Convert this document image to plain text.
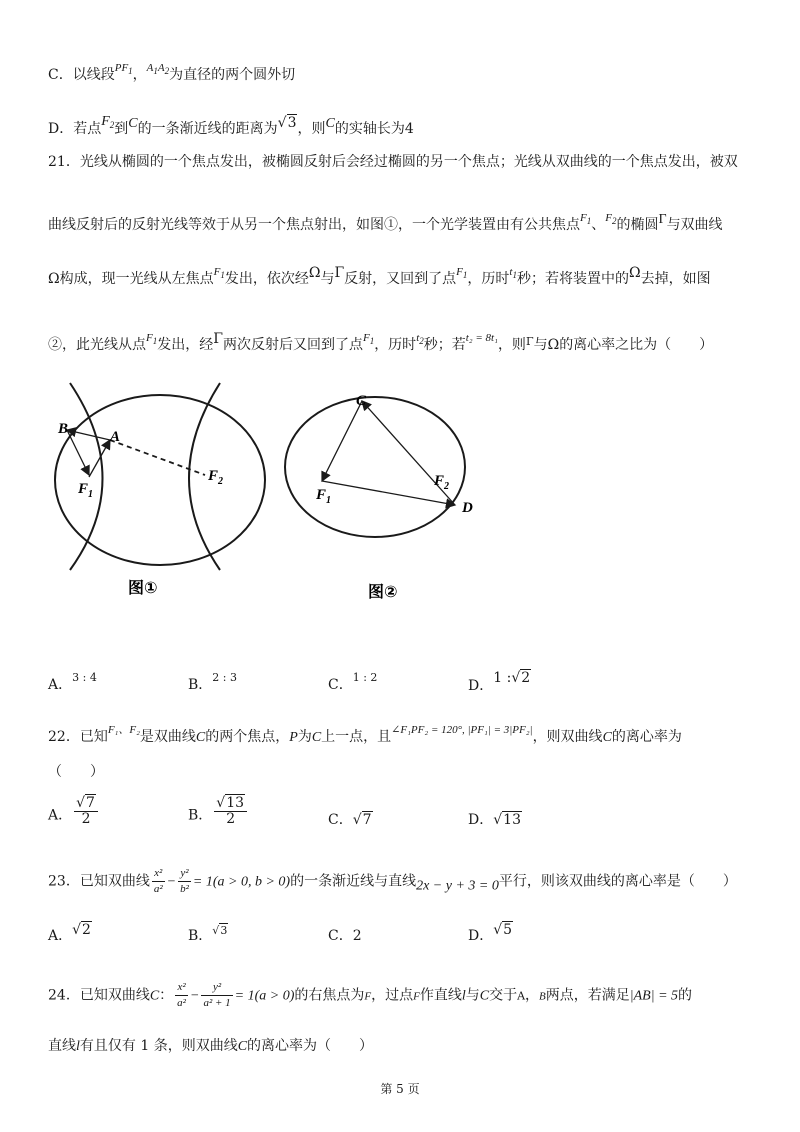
C．以线段$^{PF_1}$，$^{A_1A_2}$为直径的两个圆外切
D．若点$F_2$到C的一条渐近线的距离为√3，则C的实轴长为4
21．光线从椭圆的一个焦点发出，被椭圆反射后会经过椭圆的另一个焦点；光线从双曲线的一个焦点发出，被双
曲线反射后的反射光线等效于从另一个焦点射出，如图①，一个光学装置由有公共焦点$^{F_1}$、$^{F_2}$的椭圆Γ与双曲线
Ω构成，现一光线从左焦点$^{F_1}$发出，依次经Ω与Γ反射，又回到了点$^{F_1}$，历时$^{t_1}$秒；若将装置中的Ω去掉，如图
②，此光线从点$^{F_1}$发出，经Γ两次反射后又回到了点$^{F_1}$，历时$^{t_2}$秒；若$^{t_2 = 8t_1}$，则$^\Gamma$与Ω的离心率之比为（　　）
B	A
$F_1$
$F_2$
图①
C
D
$F_1$
$F_2$
图②
A．$^{3 : 4}$	B．$^{2 : 3}$	C．$^{1 : 2}$
D．1 :√2
22．已知$^{F_1、F_2}$是双曲线C的两个焦点，P为C上一点，且$^{\angle F_1PF_2 = 120^\circ, |PF_1| = 3|PF_2|}$，则双曲线C的离心率为
（　　）
A． $\frac{√7}{2}$	B． $\frac{√13}{2}$	C．√7	D．√13
23．已知双曲线 $\frac{\text{x²}}{\text{a²}} - \frac{\text{y²}}{\text{b²}} = 1(a > 0$, b > 0)的一条渐近线与直线2x − y + 3 = 0平行，则该双曲线的离心率是（　　）
A．√2	B．√3	C．2	D．√5
24．已知双曲线C： $\frac{\text{x²}}{\text{a²}} - \frac{\text{y²}}{\text{a² + 1}} = 1(a > 0)$的右焦点为F，过点F作直线l与C交于A，B两点，若满足|AB| = 5的
直线l有且仅有 1 条，则双曲线C的离心率为（　　）
第 5 页
